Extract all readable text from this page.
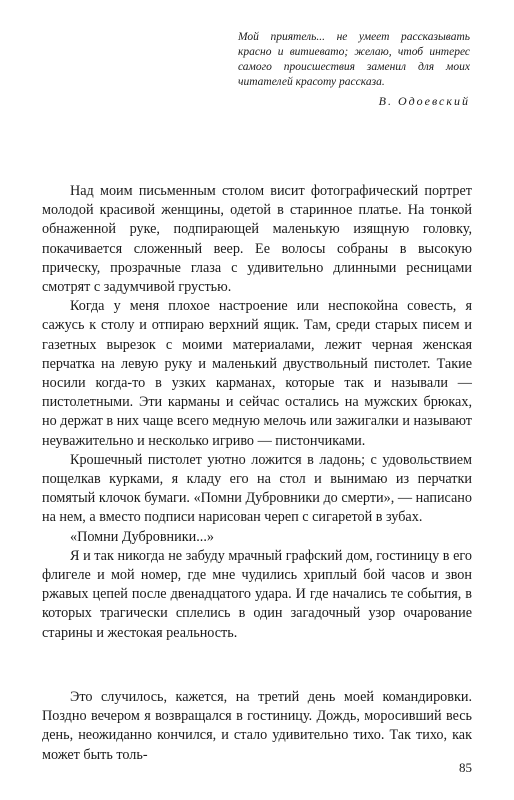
Мой приятель... не умеет рассказывать красно и витиевато; желаю, чтоб интерес самого происшествия заменил для моих читателей красоту рассказа.

В. Одоевский

Над моим письменным столом висит фотографический портрет молодой красивой женщины, одетой в старинное платье. На тонкой обнаженной руке, подпирающей маленькую изящную головку, покачивается сложенный веер. Ее волосы собраны в высокую прическу, прозрачные глаза с удивительно длинными ресницами смотрят с задумчивой грустью.

Когда у меня плохое настроение или неспокойна совесть, я сажусь к столу и отпираю верхний ящик. Там, среди старых писем и газетных вырезок с моими материалами, лежит черная женская перчатка на левую руку и маленький двуствольный пистолет. Такие носили когда-то в узких карманах, которые так и называли — пистолетными. Эти карманы и сейчас остались на мужских брюках, но держат в них чаще всего медную мелочь или зажигалки и называют неуважительно и несколько игриво — пистончиками.

Крошечный пистолет уютно ложится в ладонь; с удовольствием пощелкав курками, я кладу его на стол и вынимаю из перчатки помятый клочок бумаги. «Помни Дубровники до смерти», — написано на нем, а вместо подписи нарисован череп с сигаретой в зубах.

«Помни Дубровники...»

Я и так никогда не забуду мрачный графский дом, гостиницу в его флигеле и мой номер, где мне чудились хриплый бой часов и звон ржавых цепей после двенадцатого удара. И где начались те события, в которых трагически сплелись в один загадочный узор очарование старины и жестокая реальность.

Это случилось, кажется, на третий день моей командировки. Поздно вечером я возвращался в гостиницу. Дождь, моросивший весь день, неожиданно кончился, и стало удивительно тихо. Так тихо, как может быть толь-

85
